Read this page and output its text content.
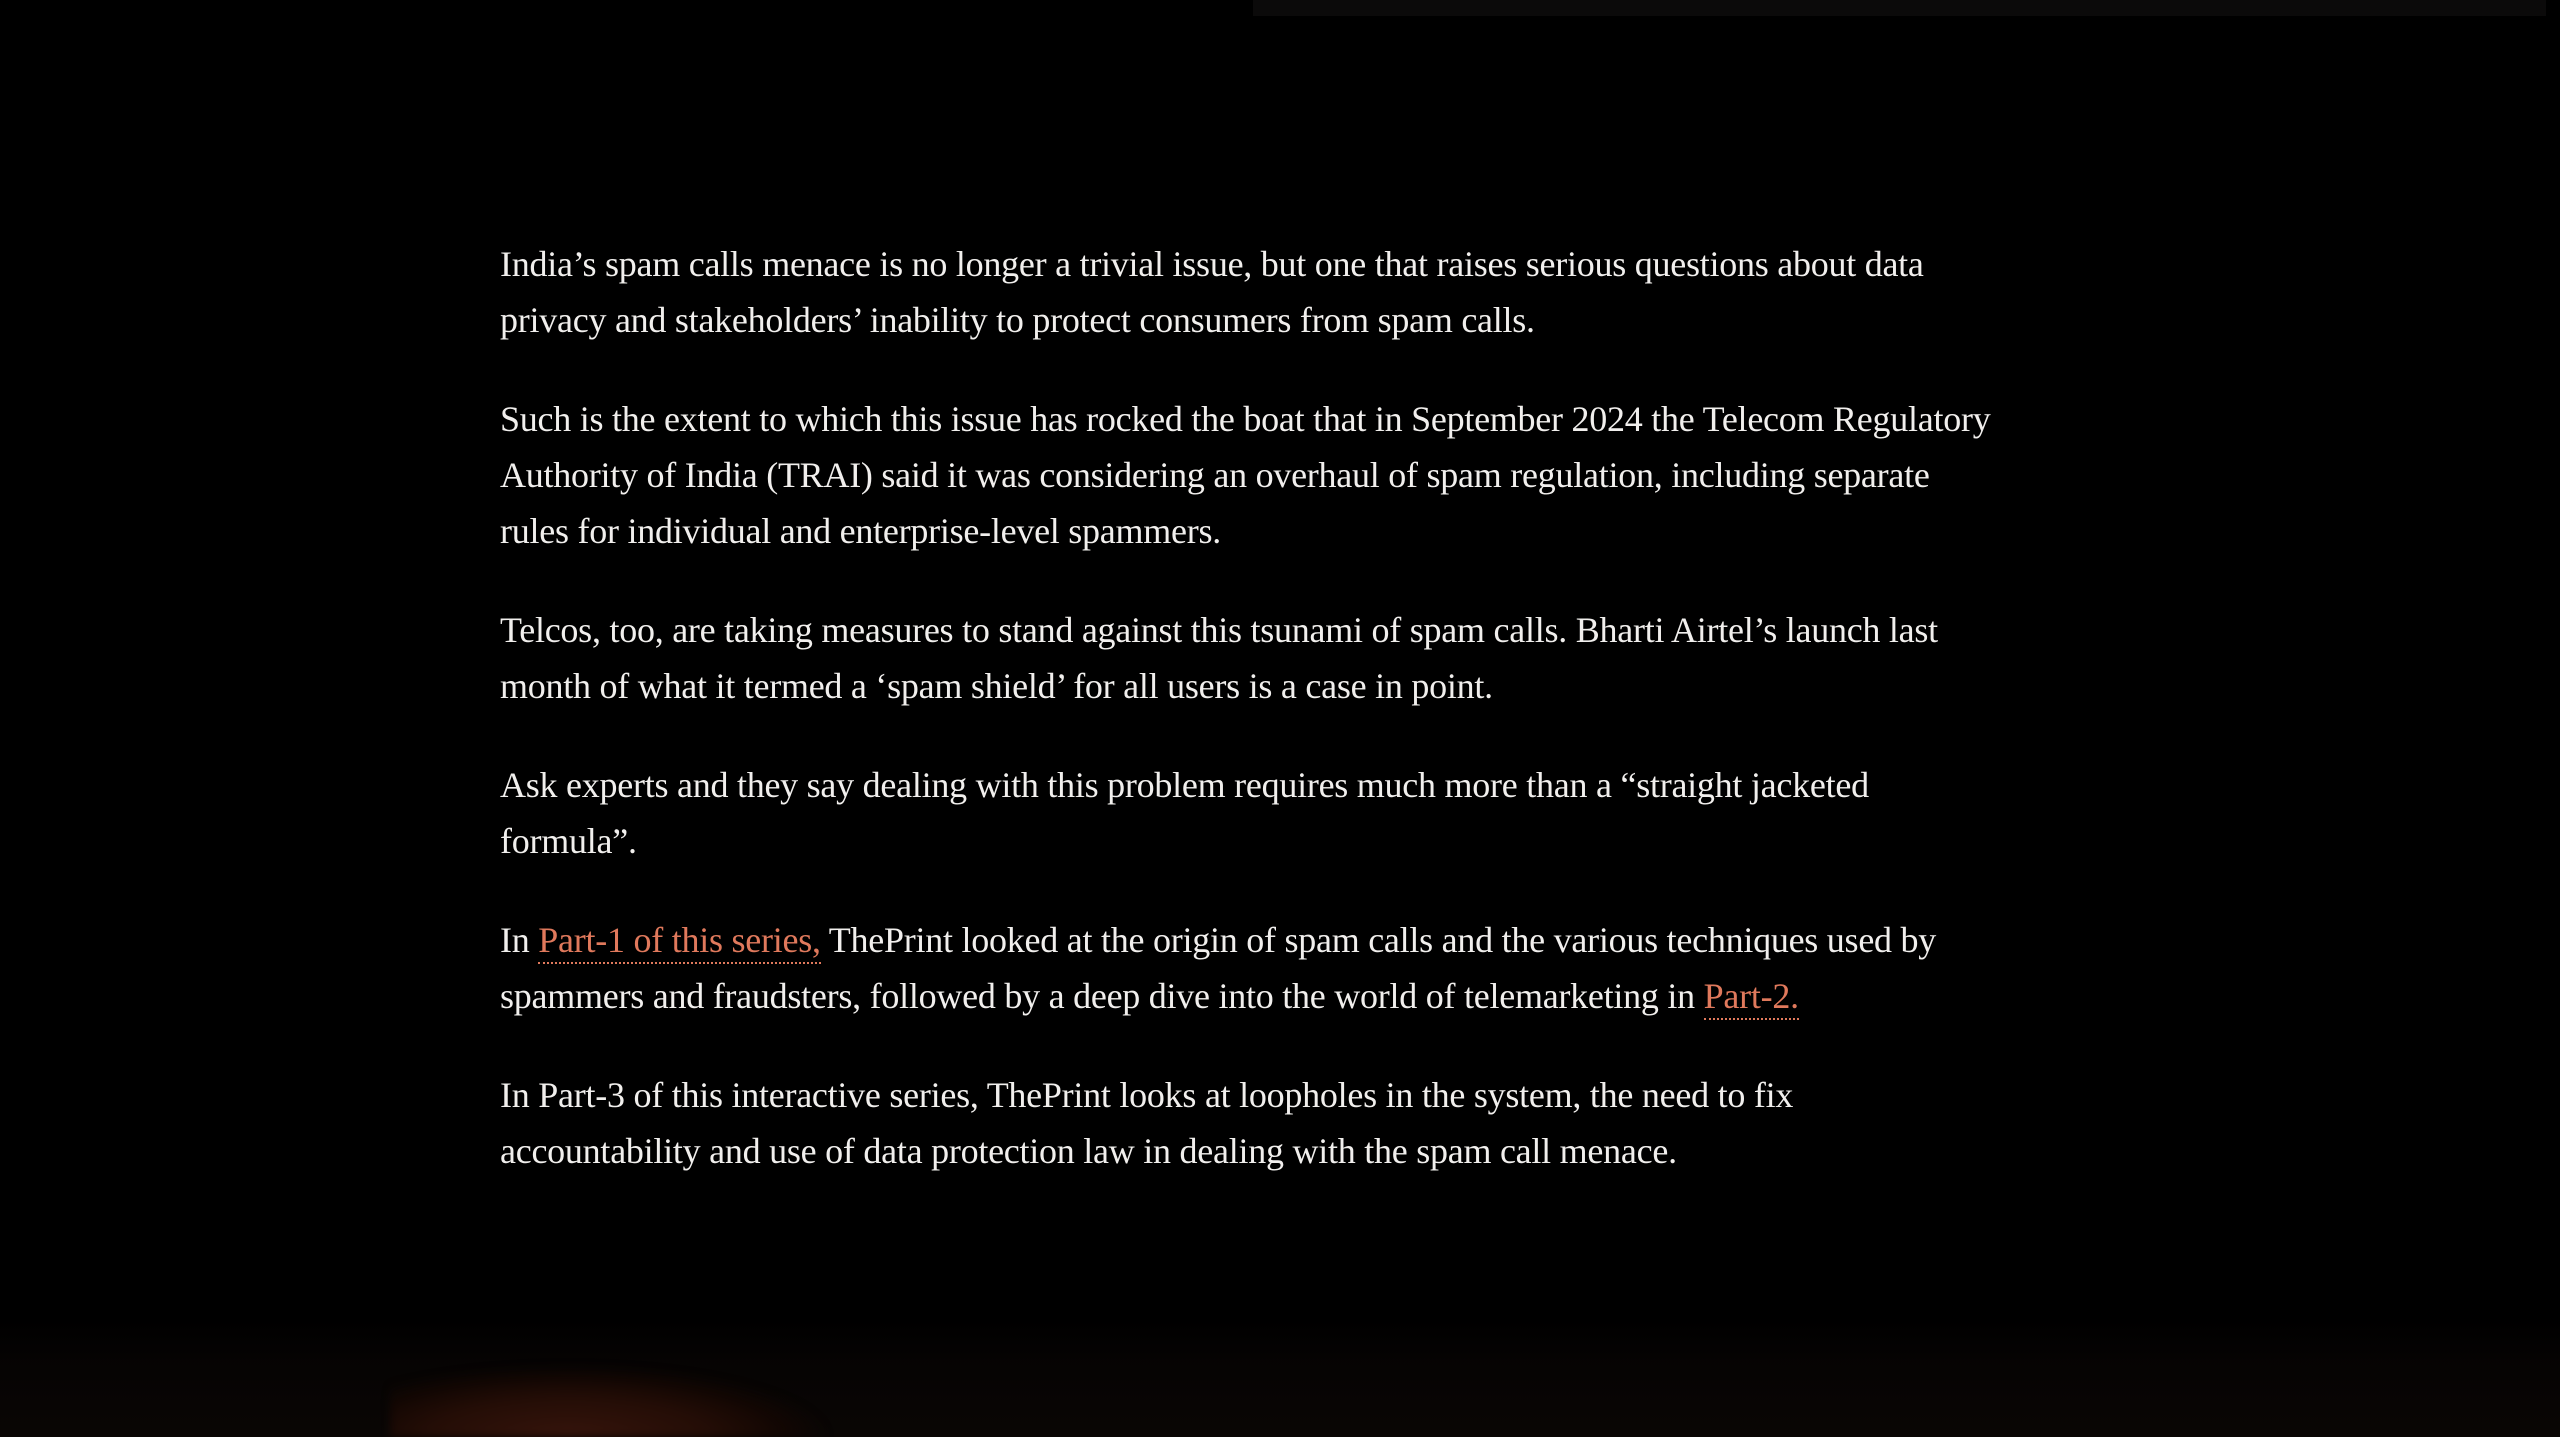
India’s spam calls menace is no longer a trivial issue, but one that raises serious questions about data privacy and stakeholders’ inability to protect consumers from spam calls.

Such is the extent to which this issue has rocked the boat that in September 2024 the Telecom Regulatory Authority of India (TRAI) said it was considering an overhaul of spam regulation, including separate rules for individual and enterprise-level spammers.

Telcos, too, are taking measures to stand against this tsunami of spam calls. Bharti Airtel’s launch last month of what it termed a ‘spam shield’ for all users is a case in point.

Ask experts and they say dealing with this problem requires much more than a “straight jacketed formula”.

In Part-1 of this series, ThePrint looked at the origin of spam calls and the various techniques used by spammers and fraudsters, followed by a deep dive into the world of telemarketing in Part-2.

In Part-3 of this interactive series, ThePrint looks at loopholes in the system, the need to fix accountability and use of data protection law in dealing with the spam call menace.
